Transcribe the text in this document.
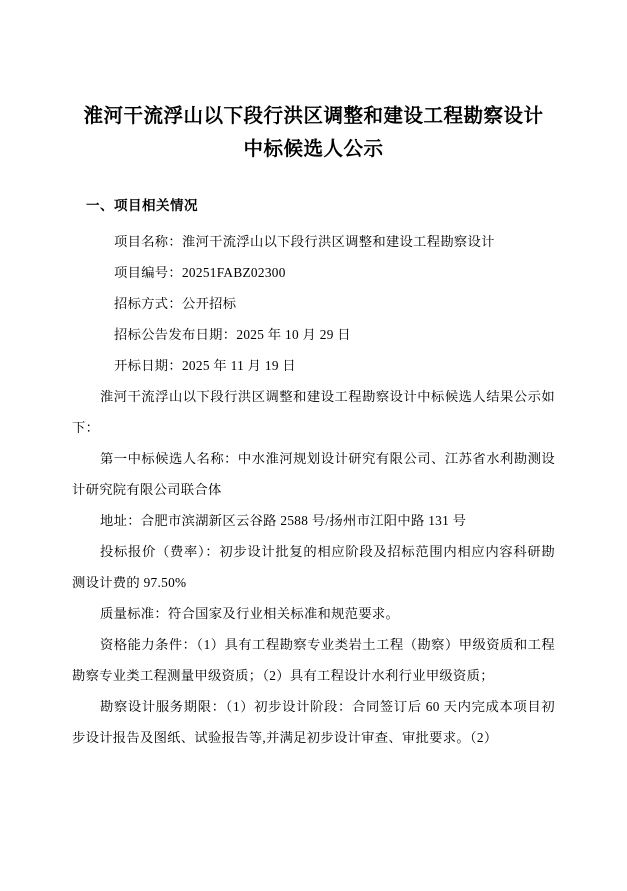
淮河干流浮山以下段行洪区调整和建设工程勘察设计中标候选人公示
一、项目相关情况

项目名称：淮河干流浮山以下段行洪区调整和建设工程勘察设计

项目编号：20251FABZ02300

招标方式：公开招标

招标公告发布日期：2025 年 10 月 29 日

开标日期：2025 年 11 月 19 日

淮河干流浮山以下段行洪区调整和建设工程勘察设计中标候选人结果公示如下：

第一中标候选人名称：中水淮河规划设计研究有限公司、江苏省水利勘测设计研究院有限公司联合体

地址：合肥市滨湖新区云谷路 2588 号/扬州市江阳中路 131 号

投标报价（费率）：初步设计批复的相应阶段及招标范围内相应内容科研勘测设计费的 97.50%

质量标准：符合国家及行业相关标准和规范要求。

资格能力条件：（1）具有工程勘察专业类岩土工程（勘察）甲级资质和工程勘察专业类工程测量甲级资质；（2）具有工程设计水利行业甲级资质；

勘察设计服务期限：（1）初步设计阶段：合同签订后 60 天内完成本项目初步设计报告及图纸、试验报告等,并满足初步设计审查、审批要求。（2）
